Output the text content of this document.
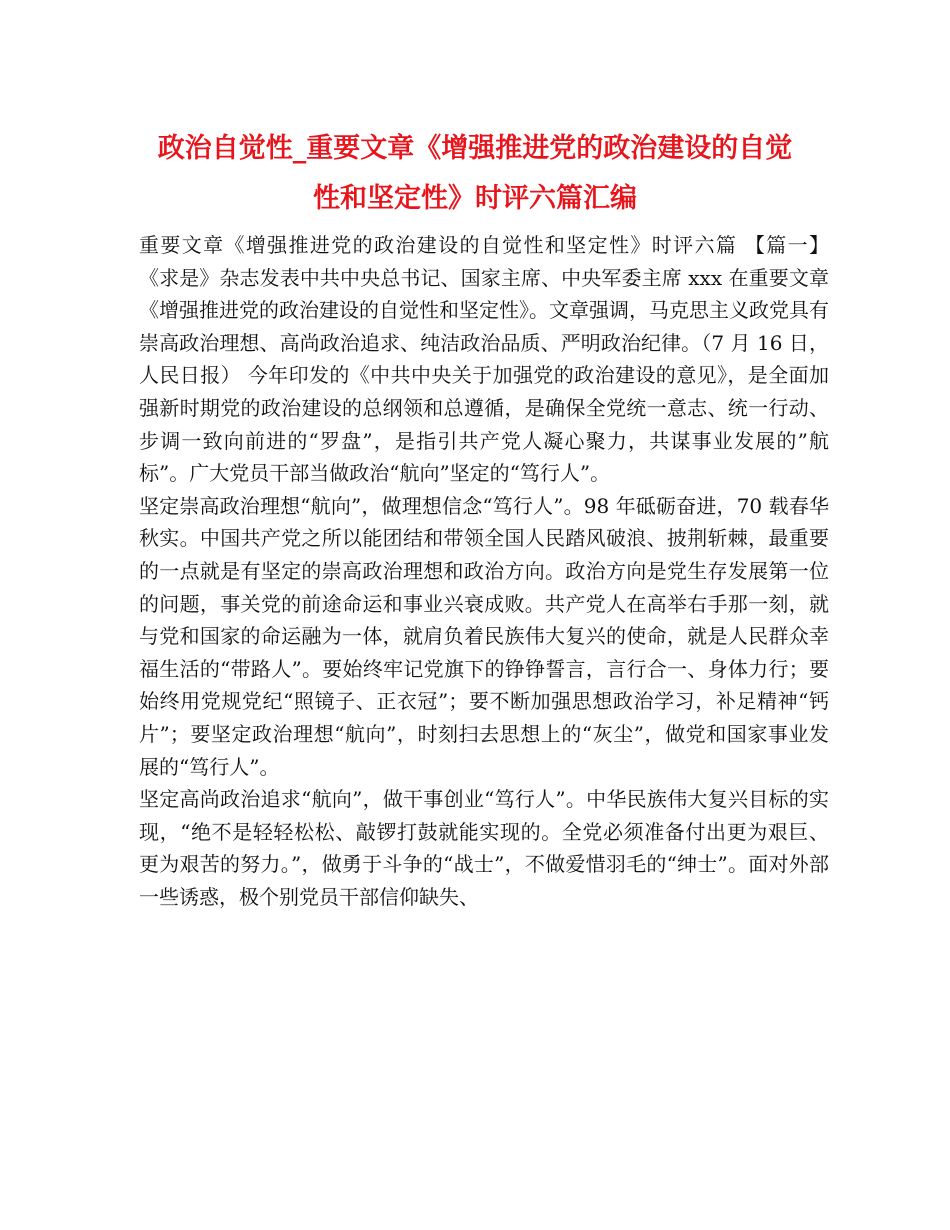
政治自觉性_重要文章《增强推进党的政治建设的自觉
性和坚定性》时评六篇汇编

重要文章《增强推进党的政治建设的自觉性和坚定性》时评六篇 【篇一】 《求是》杂志发表中共中央总书记、国家主席、中央军委主席 xxx 在重要文章《增强推进党的政治建设的自觉性和坚定性》。文章强调，马克思主义政党具有崇高政治理想、高尚政治追求、纯洁政治品质、严明政治纪律。（7 月 16 日，人民日报） 今年印发的《中共中央关于加强党的政治建设的意见》，是全面加强新时期党的政治建设的总纲领和总遵循，是确保全党统一意志、统一行动、步调一致向前进的“罗盘”，是指引共产党人凝心聚力，共谋事业发展的”航标”。广大党员干部当做政治“航向”坚定的“笃行人”。

坚定崇高政治理想“航向”，做理想信念“笃行人”。98 年砥砺奋进，70 载春华秋实。中国共产党之所以能团结和带领全国人民踏风破浪、披荆斩棘，最重要的一点就是有坚定的崇高政治理想和政治方向。政治方向是党生存发展第一位的问题，事关党的前途命运和事业兴衰成败。共产党人在高举右手那一刻，就与党和国家的命运融为一体，就肩负着民族伟大复兴的使命，就是人民群众幸福生活的“带路人”。要始终牢记党旗下的铮铮誓言，言行合一、身体力行；要始终用党规党纪“照镜子、正衣冠”；要不断加强思想政治学习，补足精神“钙片”；要坚定政治理想“航向”，时刻扫去思想上的“灰尘”，做党和国家事业发展的“笃行人”。

坚定高尚政治追求“航向”，做干事创业“笃行人”。中华民族伟大复兴目标的实现，“绝不是轻轻松松、敲锣打鼓就能实现的。全党必须准备付出更为艰巨、更为艰苦的努力。”，做勇于斗争的“战士”，不做爱惜羽毛的“绅士”。面对外部一些诱惑，极个别党员干部信仰缺失、
